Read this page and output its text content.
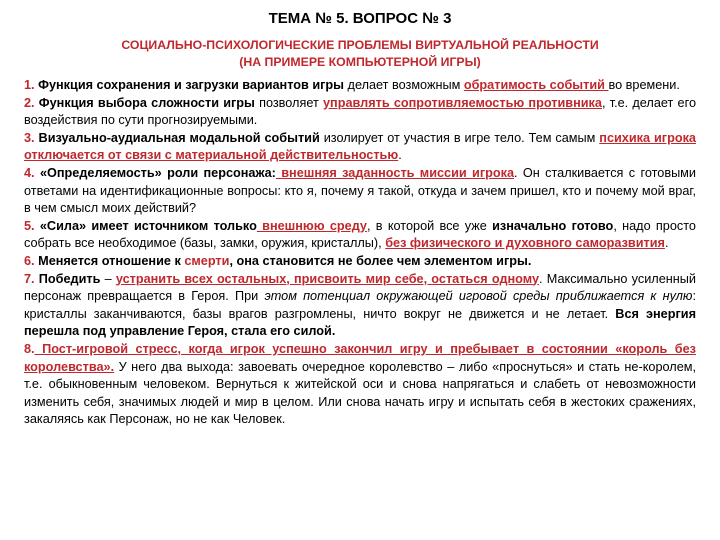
ТЕМА № 5. ВОПРОС № 3
СОЦИАЛЬНО-ПСИХОЛОГИЧЕСКИЕ ПРОБЛЕМЫ ВИРТУАЛЬНОЙ РЕАЛЬНОСТИ
(НА ПРИМЕРЕ КОМПЬЮТЕРНОЙ ИГРЫ)

1. Функция сохранения и загрузки вариантов игры делает возможным обратимость событий во времени.

2. Функция выбора сложности игры позволяет управлять сопротивляемостью противника, т.е. делает его воздействия по сути прогнозируемыми.

3. Визуально-аудиальная модальной событий изолирует от участия в игре тело. Тем самым психика игрока отключается от связи с материальной действительностью.

4. «Определяемость» роли персонажа: внешняя заданность миссии игрока. Он сталкивается с готовыми ответами на идентификационные вопросы: кто я, почему я такой, откуда и зачем пришел, кто и почему мой враг, в чем смысл моих действий?

5. «Сила» имеет источником только внешнюю среду, в которой все уже изначально готово, надо просто собрать все необходимое (базы, замки, оружия, кристаллы), без физического и духовного саморазвития.

6. Меняется отношение к смерти, она становится не более чем элементом игры.

7. Победить – устранить всех остальных, присвоить мир себе, остаться одному. Максимально усиленный персонаж превращается в Героя. При этом потенциал окружающей игровой среды приближается к нулю: кристаллы заканчиваются, базы врагов разгромлены, ничто вокруг не движется и не летает. Вся энергия перешла под управление Героя, стала его силой.

8. Пост-игровой стресс, когда игрок успешно закончил игру и пребывает в состоянии «король без королевства». У него два выхода: завоевать очередное королевство – либо «проснуться» и стать не-королем, т.е. обыкновенным человеком. Вернуться к житейской оси и снова напрягаться и слабеть от невозможности изменить себя, значимых людей и мир в целом. Или снова начать игру и испытать себя в жестоких сражениях, закаляясь как Персонаж, но не как Человек.
